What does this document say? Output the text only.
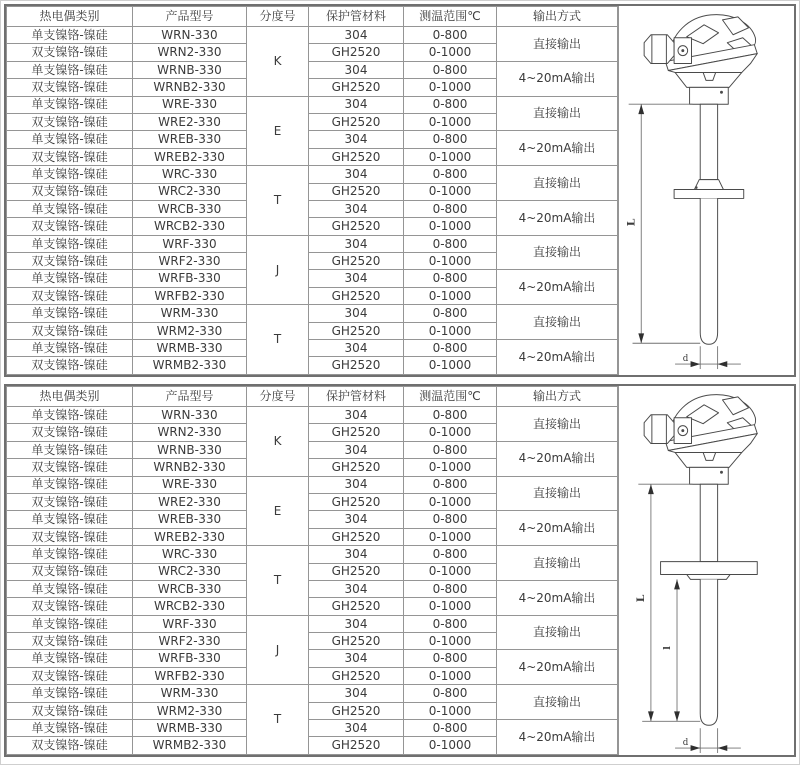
热电偶类别	产品型号	分度号	保护管材料	测温范围℃	输出方式
单支镍铬-镍硅	WRN-330	K	304	0-800	直接输出
双支镍铬-镍硅	WRN2-330		GH2520	0-1000	
单支镍铬-镍硅	WRNB-330		304	0-800	4~20mA输出
双支镍铬-镍硅	WRNB2-330		GH2520	0-1000	
单支镍铬-镍硅	WRE-330	E	304	0-800	直接输出
双支镍铬-镍硅	WRE2-330		GH2520	0-1000	
单支镍铬-镍硅	WREB-330		304	0-800	4~20mA输出
双支镍铬-镍硅	WREB2-330		GH2520	0-1000	
单支镍铬-镍硅	WRC-330	T	304	0-800	直接输出
双支镍铬-镍硅	WRC2-330		GH2520	0-1000	
单支镍铬-镍硅	WRCB-330		304	0-800	4~20mA输出
双支镍铬-镍硅	WRCB2-330		GH2520	0-1000	
单支镍铬-镍硅	WRF-330	J	304	0-800	直接输出
双支镍铬-镍硅	WRF2-330		GH2520	0-1000	
单支镍铬-镍硅	WRFB-330		304	0-800	4~20mA输出
双支镍铬-镍硅	WRFB2-330		GH2520	0-1000	
单支镍铬-镍硅	WRM-330	T	304	0-800	直接输出
双支镍铬-镍硅	WRM2-330		GH2520	0-1000	
单支镍铬-镍硅	WRMB-330		304	0-800	4~20mA输出
双支镍铬-镍硅	WRMB2-330		GH2520	0-1000	
L
d
热电偶类别	产品型号	分度号	保护管材料	测温范围℃	输出方式
单支镍铬-镍硅	WRN-330	K	304	0-800	直接输出
双支镍铬-镍硅	WRN2-330		GH2520	0-1000	
单支镍铬-镍硅	WRNB-330		304	0-800	4~20mA输出
双支镍铬-镍硅	WRNB2-330		GH2520	0-1000	
单支镍铬-镍硅	WRE-330	E	304	0-800	直接输出
双支镍铬-镍硅	WRE2-330		GH2520	0-1000	
单支镍铬-镍硅	WREB-330		304	0-800	4~20mA输出
双支镍铬-镍硅	WREB2-330		GH2520	0-1000	
单支镍铬-镍硅	WRC-330	T	304	0-800	直接输出
双支镍铬-镍硅	WRC2-330		GH2520	0-1000	
单支镍铬-镍硅	WRCB-330		304	0-800	4~20mA输出
双支镍铬-镍硅	WRCB2-330		GH2520	0-1000	
单支镍铬-镍硅	WRF-330	J	304	0-800	直接输出
双支镍铬-镍硅	WRF2-330		GH2520	0-1000	
单支镍铬-镍硅	WRFB-330		304	0-800	4~20mA输出
双支镍铬-镍硅	WRFB2-330		GH2520	0-1000	
单支镍铬-镍硅	WRM-330	T	304	0-800	直接输出
双支镍铬-镍硅	WRM2-330		GH2520	0-1000	
单支镍铬-镍硅	WRMB-330		304	0-800	4~20mA输出
双支镍铬-镍硅	WRMB2-330		GH2520	0-1000	
L
l
d
